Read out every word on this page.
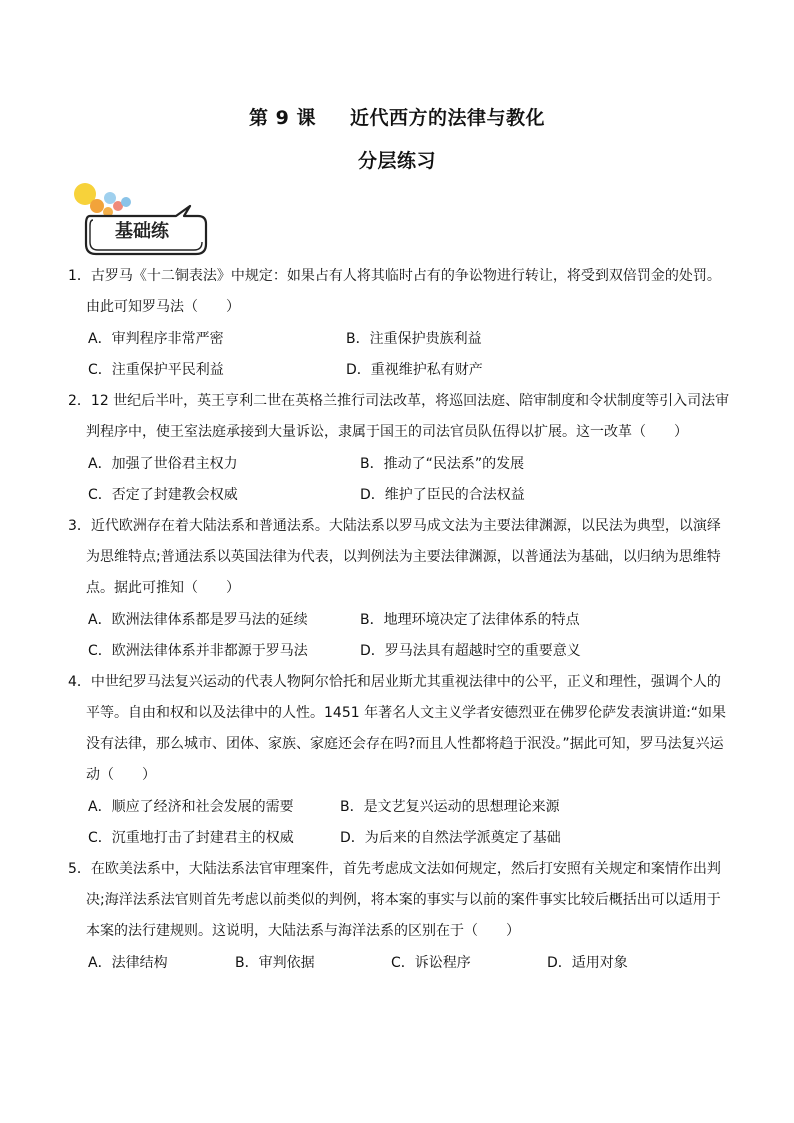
第 9 课 近代西方的法律与教化
分层练习
基础练
1．古罗马《十二铜表法》中规定：如果占有人将其临时占有的争讼物进行转让，将受到双倍罚金的处罚。
由此可知罗马法（　　）
A．审判程序非常严密	B．注重保护贵族利益
C．注重保护平民利益	D．重视维护私有财产
2．12 世纪后半叶，英王亨利二世在英格兰推行司法改革，将巡回法庭、陪审制度和令状制度等引入司法审
判程序中，使王室法庭承接到大量诉讼，隶属于国王的司法官员队伍得以扩展。这一改革（　　）
A．加强了世俗君主权力	B．推动了“民法系”的发展
C．否定了封建教会权威	D．维护了臣民的合法权益
3．近代欧洲存在着大陆法系和普通法系。大陆法系以罗马成文法为主要法律渊源，以民法为典型，以演绎
为思维特点;普通法系以英国法律为代表，以判例法为主要法律渊源，以普通法为基础，以归纳为思维特
点。据此可推知（　　）
A．欧洲法律体系都是罗马法的延续	B．地理环境决定了法律体系的特点
C．欧洲法律体系并非都源于罗马法	D．罗马法具有超越时空的重要意义
4．中世纪罗马法复兴运动的代表人物阿尔恰托和居业斯尤其重视法律中的公平，正义和理性，强调个人的
平等。自由和权和以及法律中的人性。1451 年著名人文主义学者安德烈亚在佛罗伦萨发表演讲道:“如果
没有法律，那么城市、团体、家族、家庭还会存在吗?而且人性都将趋于泯没。”据此可知，罗马法复兴运
动（　　）
A．顺应了经济和社会发展的需要	B．是文艺复兴运动的思想理论来源
C．沉重地打击了封建君主的权威	D．为后来的自然法学派奠定了基础
5．在欧美法系中，大陆法系法官审理案件，首先考虑成文法如何规定，然后打安照有关规定和案情作出判
决;海洋法系法官则首先考虑以前类似的判例，将本案的事实与以前的案件事实比较后概括出可以适用于
本案的法行建规则。这说明，大陆法系与海洋法系的区别在于（　　）
A．法律结构	B．审判依据	C．诉讼程序	D．适用对象
